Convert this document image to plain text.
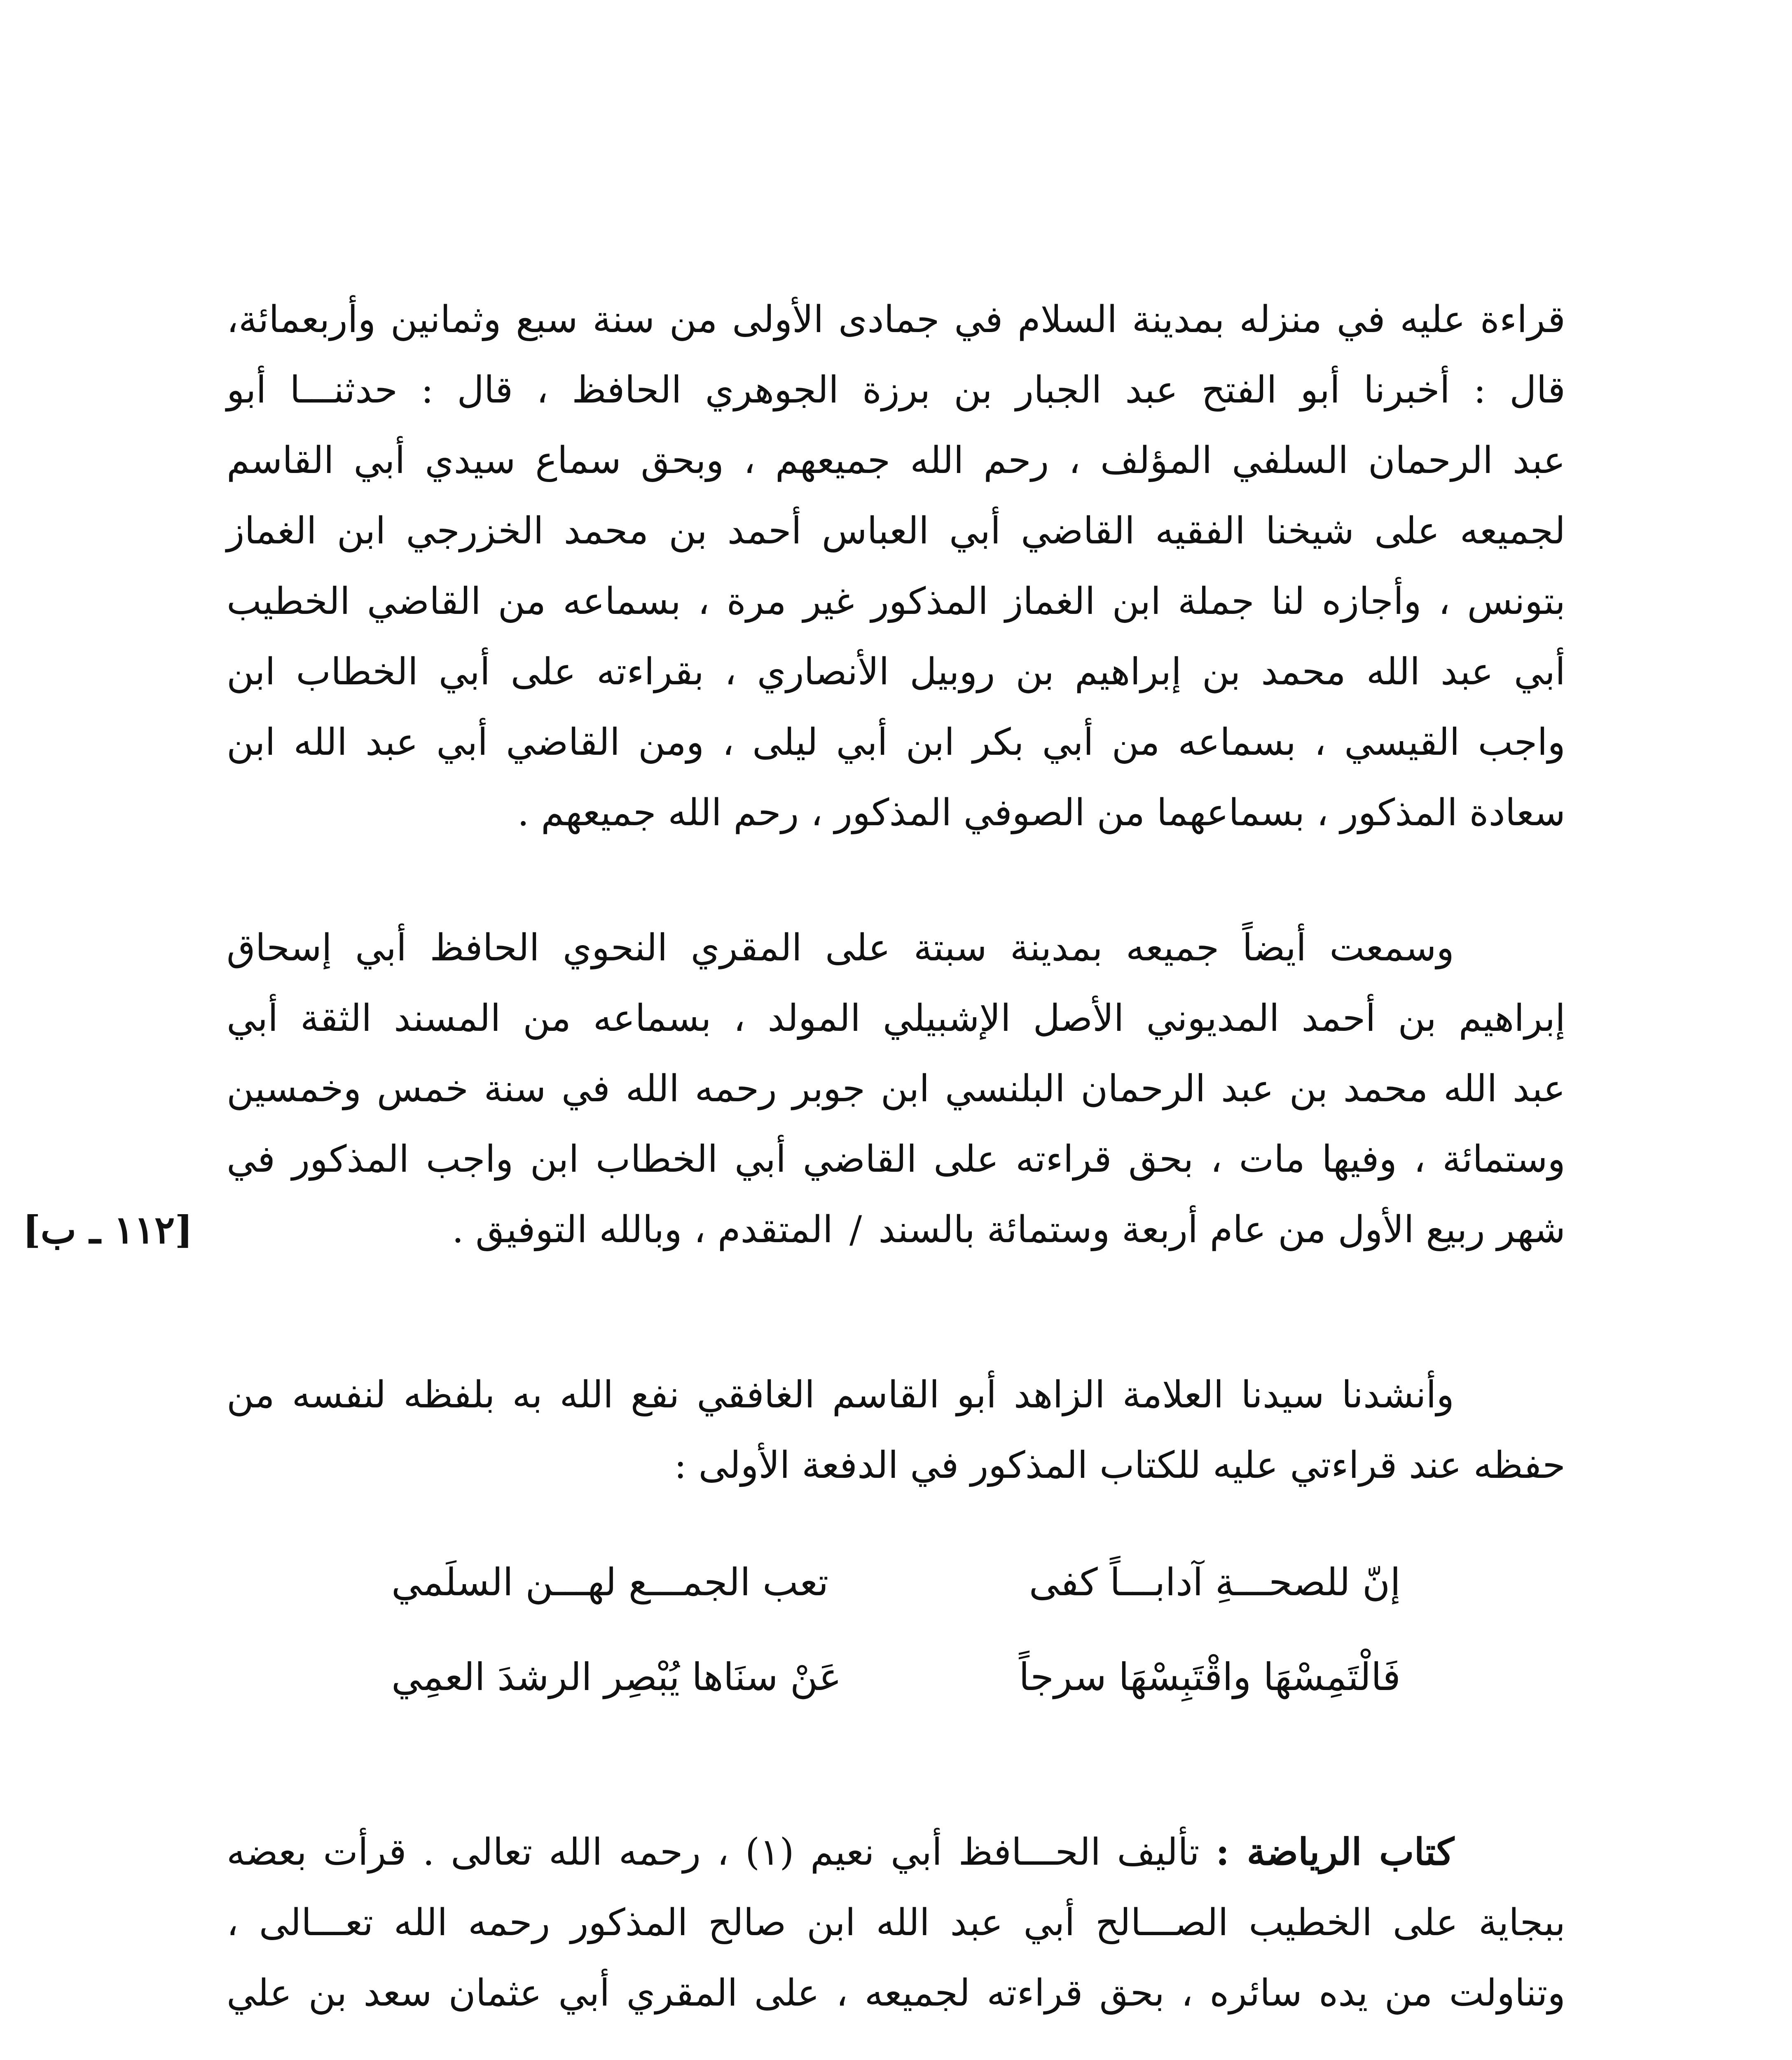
قراءة عليه في منزله بمدينة السلام في جمادى الأولى من سنة سبع وثمانين وأربعمائة،
قال : أخبرنا أبو الفتح عبد الجبار بن برزة الجوهري الحافظ ، قال : حدثنـــا أبو
عبد الرحمان السلفي المؤلف ، رحم الله جميعهم ، وبحق سماع سيدي أبي القاسم
لجميعه على شيخنا الفقيه القاضي أبي العباس أحمد بن محمد الخزرجي ابن الغماز
بتونس ، وأجازه لنا جملة ابن الغماز المذكور غير مرة ، بسماعه من القاضي الخطيب
أبي عبد الله محمد بن إبراهيم بن روبيل الأنصاري ، بقراءته على أبي الخطاب ابن
واجب القيسي ، بسماعه من أبي بكر ابن أبي ليلى ، ومن القاضي أبي عبد الله ابن
سعادة المذكور ، بسماعهما من الصوفي المذكور ، رحم الله جميعهم .
وسمعت أيضاً جميعه بمدينة سبتة على المقري النحوي الحافظ أبي إسحاق
إبراهيم بن أحمد المديوني الأصل الإشبيلي المولد ، بسماعه من المسند الثقة أبي
عبد الله محمد بن عبد الرحمان البلنسي ابن جوبر رحمه الله في سنة خمس وخمسين
وستمائة ، وفيها مات ، بحق قراءته على القاضي أبي الخطاب ابن واجب المذكور في
شهر ربيع الأول من عام أربعة وستمائة بالسند/المتقدم ، وبالله التوفيق .
[١١٢ ـ ب]
وأنشدنا سيدنا العلامة الزاهد أبو القاسم الغافقي نفع الله به بلفظه لنفسه من
حفظه عند قراءتي عليه للكتاب المذكور في الدفعة الأولى :
إنّ للصحـــةِ آدابـــاً كفى
تعب الجمـــع لهـــن السلَمي
فَالْتَمِسْهَا واقْتَبِسْهَا سرجاً
عَنْ سنَاها يُبْصِر الرشدَ العمِي
كتاب الرياضة : تأليف الحـــافظ أبي نعيم (١) ، رحمه الله تعالى . قرأت بعضه
ببجاية على الخطيب الصـــالح أبي عبد الله ابن صالح المذكور رحمه الله تعـــالى ،
وتناولت من يده سائره ، بحق قراءته لجميعه ، على المقري أبي عثمان سعد بن علي
